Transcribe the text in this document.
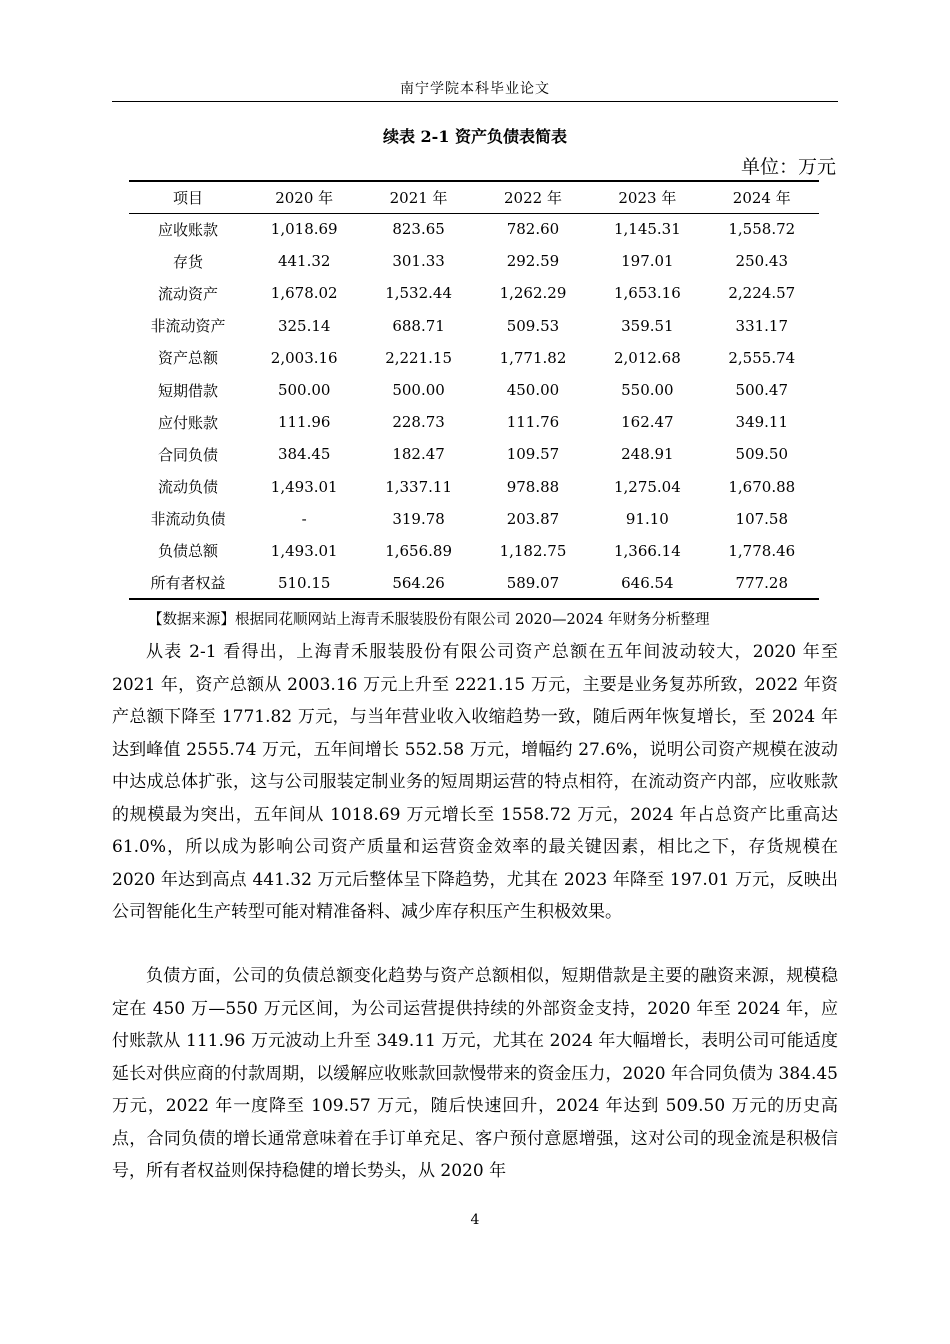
南宁学院本科毕业论文
续表 2-1 资产负债表简表
单位：万元
项目	2020 年	2021 年	2022 年	2023 年	2024 年
应收账款	1,018.69	823.65	782.60	1,145.31	1,558.72
存货	441.32	301.33	292.59	197.01	250.43
流动资产	1,678.02	1,532.44	1,262.29	1,653.16	2,224.57
非流动资产	325.14	688.71	509.53	359.51	331.17
资产总额	2,003.16	2,221.15	1,771.82	2,012.68	2,555.74
短期借款	500.00	500.00	450.00	550.00	500.47
应付账款	111.96	228.73	111.76	162.47	349.11
合同负债	384.45	182.47	109.57	248.91	509.50
流动负债	1,493.01	1,337.11	978.88	1,275.04	1,670.88
非流动负债	-	319.78	203.87	91.10	107.58
负债总额	1,493.01	1,656.89	1,182.75	1,366.14	1,778.46
所有者权益	510.15	564.26	589.07	646.54	777.28
【数据来源】根据同花顺网站上海青禾服装股份有限公司 2020—2024 年财务分析整理

从表 2-1 看得出，上海青禾服装股份有限公司资产总额在五年间波动较大，2020 年至 2021 年，资产总额从 2003.16 万元上升至 2221.15 万元，主要是业务复苏所致，2022 年资产总额下降至 1771.82 万元，与当年营业收入收缩趋势一致，随后两年恢复增长，至 2024 年达到峰值 2555.74 万元，五年间增长 552.58 万元，增幅约 27.6%，说明公司资产规模在波动中达成总体扩张，这与公司服装定制业务的短周期运营的特点相符，在流动资产内部，应收账款的规模最为突出，五年间从 1018.69 万元增长至 1558.72 万元，2024 年占总资产比重高达 61.0%，所以成为影响公司资产质量和运营资金效率的最关键因素，相比之下，存货规模在 2020 年达到高点 441.32 万元后整体呈下降趋势，尤其在 2023 年降至 197.01 万元，反映出公司智能化生产转型可能对精准备料、减少库存积压产生积极效果。

负债方面，公司的负债总额变化趋势与资产总额相似，短期借款是主要的融资来源，规模稳定在 450 万—550 万元区间，为公司运营提供持续的外部资金支持，2020 年至 2024 年，应付账款从 111.96 万元波动上升至 349.11 万元，尤其在 2024 年大幅增长，表明公司可能适度延长对供应商的付款周期，以缓解应收账款回款慢带来的资金压力，2020 年合同负债为 384.45 万元，2022 年一度降至 109.57 万元，随后快速回升，2024 年达到 509.50 万元的历史高点，合同负债的增长通常意味着在手订单充足、客户预付意愿增强，这对公司的现金流是积极信号，所有者权益则保持稳健的增长势头，从 2020 年

4
